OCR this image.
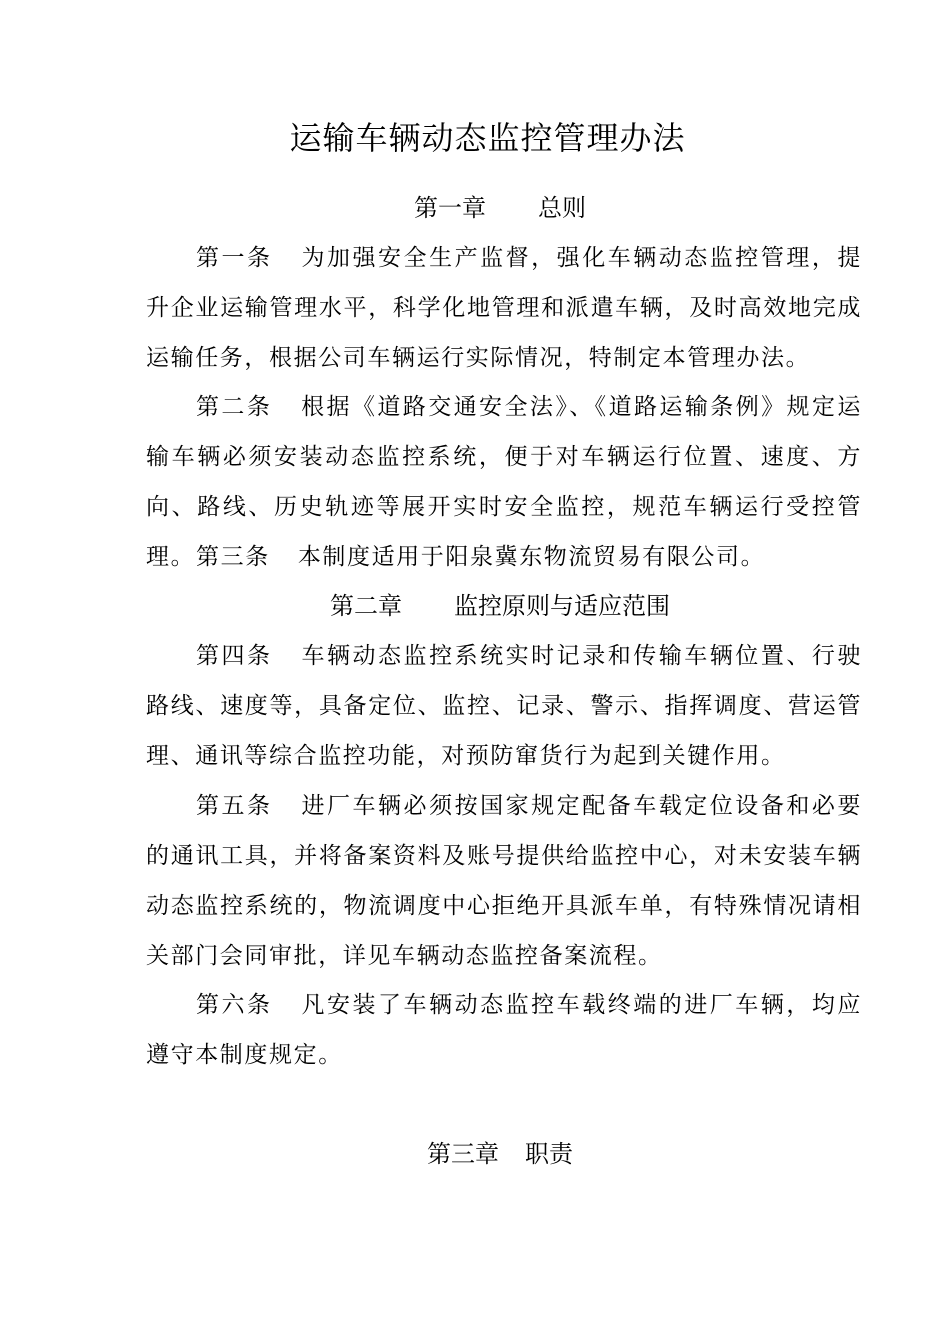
运输车辆动态监控管理办法
第一章 总则

第一条 为加强安全生产监督，强化车辆动态监控管理，提升企业运输管理水平，科学化地管理和派遣车辆，及时高效地完成运输任务，根据公司车辆运行实际情况，特制定本管理办法。

第二条 根据《道路交通安全法》、《道路运输条例》规定运输车辆必须安装动态监控系统，便于对车辆运行位置、速度、方向、路线、历史轨迹等展开实时安全监控，规范车辆运行受控管理。 第三条 本制度适用于阳泉冀东物流贸易有限公司。

第二章 监控原则与适应范围

第四条 车辆动态监控系统实时记录和传输车辆位置、行驶路线、速度等，具备定位、监控、记录、警示、指挥调度、营运管理、通讯等综合监控功能，对预防窜货行为起到关键作用。

第五条 进厂车辆必须按国家规定配备车载定位设备和必要的通讯工具，并将备案资料及账号提供给监控中心，对未安装车辆动态监控系统的，物流调度中心拒绝开具派车单，有特殊情况请相关部门会同审批，详见车辆动态监控备案流程。

第六条 凡安装了车辆动态监控车载终端的进厂车辆，均应遵守本制度规定。

第三章 职责
